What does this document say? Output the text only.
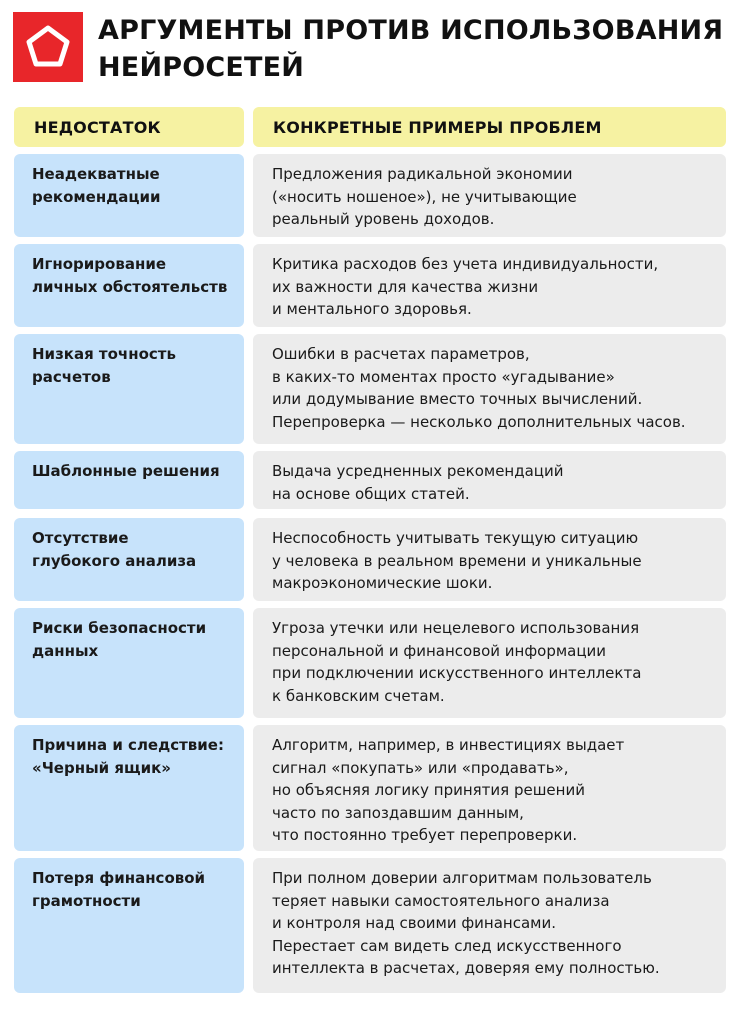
АРГУМЕНТЫ ПРОТИВ ИСПОЛЬЗОВАНИЯ
НЕЙРОСЕТЕЙ
НЕДОСТАТОК	КОНКРЕТНЫЕ ПРИМЕРЫ ПРОБЛЕМ
Неадекватные
рекомендации
Предложения радикальной экономии
(«носить ношеное»), не учитывающие
реальный уровень доходов.
Игнорирование
личных обстоятельств
Критика расходов без учета индивидуальности,
их важности для качества жизни
и ментального здоровья.
Низкая точность
расчетов
Ошибки в расчетах параметров,
в каких-то моментах просто «угадывание»
или додумывание вместо точных вычислений.
Перепроверка — несколько дополнительных часов.
Шаблонные решения	Выдача усредненных рекомендаций
на основе общих статей.
Отсутствие
глубокого анализа
Неспособность учитывать текущую ситуацию
у человека в реальном времени и уникальные
макроэкономические шоки.
Риски безопасности
данных
Угроза утечки или нецелевого использования
персональной и финансовой информации
при подключении искусственного интеллекта
к банковским счетам.
Причина и следствие:
«Черный ящик»
Алгоритм, например, в инвестициях выдает
сигнал «покупать» или «продавать»,
но объясняя логику принятия решений
часто по запоздавшим данным,
что постоянно требует перепроверки.
Потеря финансовой
грамотности
При полном доверии алгоритмам пользователь
теряет навыки самостоятельного анализа
и контроля над своими финансами.
Перестает сам видеть след искусственного
интеллекта в расчетах, доверяя ему полностью.
